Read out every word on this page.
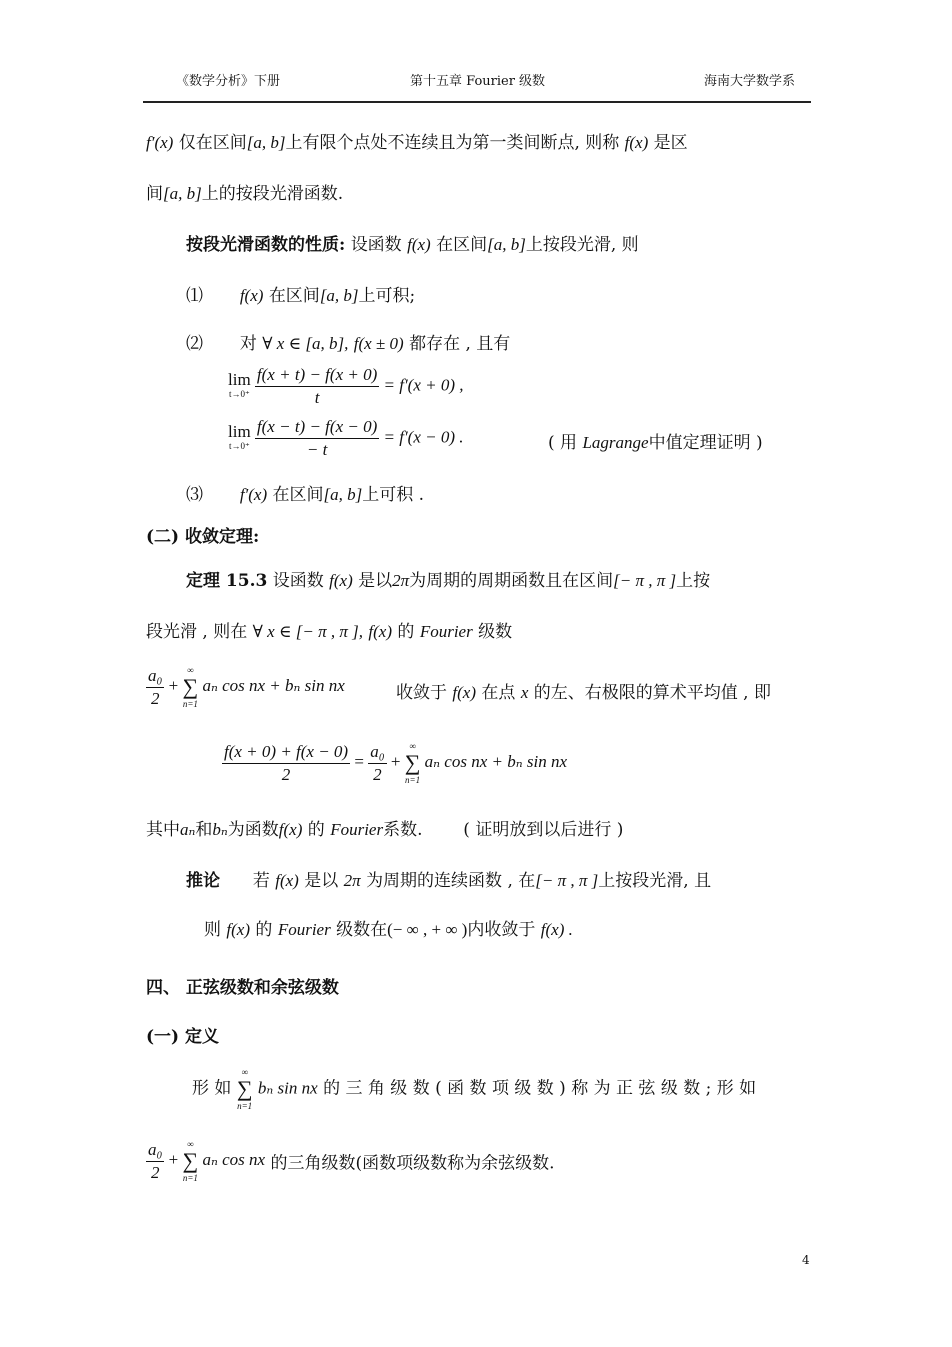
《数学分析》下册	第十五章 Fourier 级数	海南大学数学系
f′(x) 仅在区间[a, b]上有限个点处不连续且为第一类间断点, 则称 f(x) 是区
间[a, b]上的按段光滑函数.
按段光滑函数的性质: 设函数 f(x) 在区间[a, b]上按段光滑, 则
⑴ f(x) 在区间[a, b]上可积;
⑵ 对 ∀ x ∈ [a, b], f(x ± 0) 都存在 , 且有
lim
t→0⁺
$\frac{f(x + t) - f(x + 0)}{t} = f'(x + 0)$ ,
lim
t→0⁺
$\frac{f(x - t) - f(x - 0)}{- t} = f'(x - 0)$ .	( 用 Lagrange中值定理证明 )
⑶ f′(x) 在区间[a, b]上可积 .
(二) 收敛定理:
定理 15.3 设函数 f(x) 是以2π为周期的周期函数且在区间[− π , π ]上按
段光滑 , 则在 ∀ x ∈ [− π , π ], f(x) 的 Fourier 级数
$\frac{\text{a₀}}{2}$ +
∞
∑
n=1
aₙ cos nx + bₙ sin nx	收敛于 f(x) 在点 x 的左、右极限的算术平均值 , 即
$\frac{f(x + 0) + f(x - 0)}{2} = \frac{\text{a₀}}{2}$ +
∞
∑
n=1
aₙ cos nx + bₙ sin nx
其中aₙ和bₙ为函数f(x) 的 Fourier系数. ( 证明放到以后进行 )
推论 若 f(x) 是以 2π 为周期的连续函数 , 在[− π , π ]上按段光滑, 且
则 f(x) 的 Fourier 级数在(− ∞ , + ∞ )内收敛于 f(x) .
四、 正弦级数和余弦级数
(一) 定义
形 如
∞
∑
n=1
bₙ sin nx 的 三 角 级 数 ( 函 数 项 级 数 ) 称 为 正 弦 级 数 ; 形 如
$\frac{\text{a₀}}{2}$ +
∞
∑
n=1
aₙ cos nx 的三角级数(函数项级数称为余弦级数.
4
